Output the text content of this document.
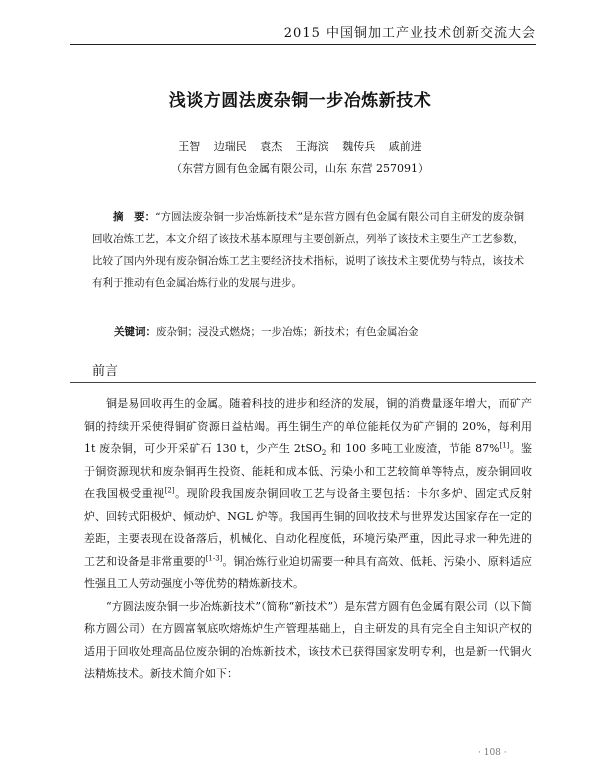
2015 中国铜加工产业技术创新交流大会
浅谈方圆法废杂铜一步冶炼新技术
王智 边瑞民 袁杰 王海滨 魏传兵 戚前进
（东营方圆有色金属有限公司，山东 东营 257091）
摘　要：“方圆法废杂铜一步冶炼新技术”是东营方圆有色金属有限公司自主研发的废杂铜回收冶炼工艺，本文介绍了该技术基本原理与主要创新点，列举了该技术主要生产工艺参数，比较了国内外现有废杂铜冶炼工艺主要经济技术指标，说明了该技术主要优势与特点，该技术有利于推动有色金属冶炼行业的发展与进步。
关键词：废杂铜；浸没式燃烧；一步冶炼；新技术；有色金属冶金
前言

铜是易回收再生的金属。随着科技的进步和经济的发展，铜的消费量逐年增大，而矿产铜的持续开采使得铜矿资源日益枯竭。再生铜生产的单位能耗仅为矿产铜的 20%，每利用 1t 废杂铜，可少开采矿石 130 t，少产生 2tSO$_2$ 和 100 多吨工业废渣，节能 87%[1]。鉴于铜资源现状和废杂铜再生投资、能耗和成本低、污染小和工艺较简单等特点，废杂铜回收在我国极受重视[2]。现阶段我国废杂铜回收工艺与设备主要包括：卡尔多炉、固定式反射炉、回转式阳极炉、倾动炉、NGL 炉等。我国再生铜的回收技术与世界发达国家存在一定的差距，主要表现在设备落后，机械化、自动化程度低，环境污染严重，因此寻求一种先进的工艺和设备是非常重要的[1-3]。铜冶炼行业迫切需要一种具有高效、低耗、污染小、原料适应性强且工人劳动强度小等优势的精炼新技术。

“方圆法废杂铜一步冶炼新技术”（简称“新技术”）是东营方圆有色金属有限公司（以下简称方圆公司）在方圆富氧底吹熔炼炉生产管理基础上，自主研发的具有完全自主知识产权的适用于回收处理高品位废杂铜的冶炼新技术，该技术已获得国家发明专利，也是新一代铜火法精炼技术。新技术简介如下：

· 108 ·
